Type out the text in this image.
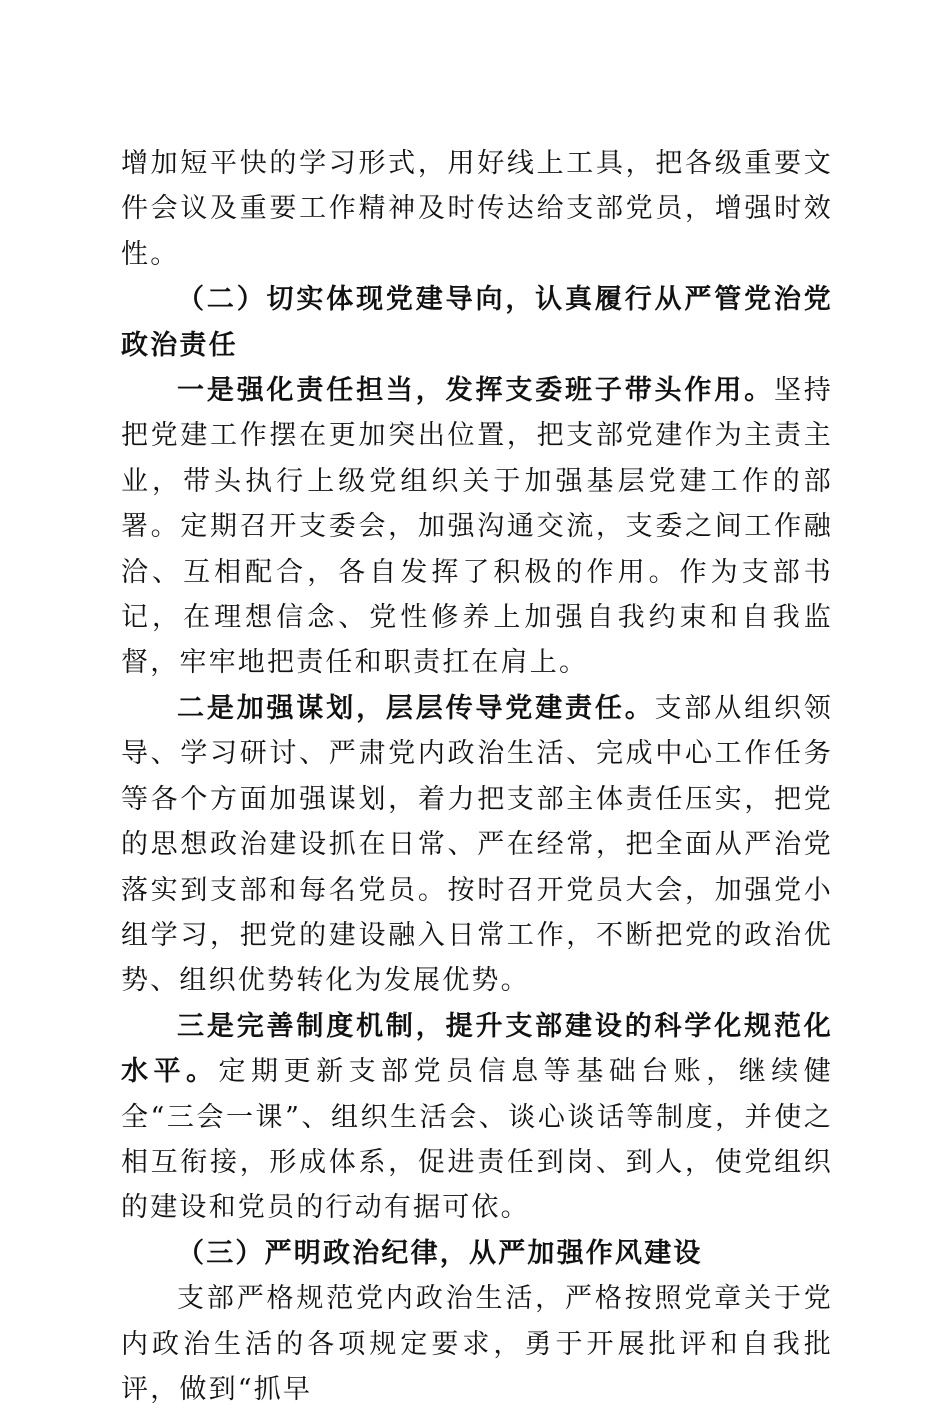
增加短平快的学习形式，用好线上工具，把各级重要文件会议及重要工作精神及时传达给支部党员，增强时效性。

（二）切实体现党建导向，认真履行从严管党治党政治责任

一是强化责任担当，发挥支委班子带头作用。坚持把党建工作摆在更加突出位置，把支部党建作为主责主业，带头执行上级党组织关于加强基层党建工作的部署。定期召开支委会，加强沟通交流，支委之间工作融洽、互相配合，各自发挥了积极的作用。作为支部书记，在理想信念、党性修养上加强自我约束和自我监督，牢牢地把责任和职责扛在肩上。

二是加强谋划，层层传导党建责任。支部从组织领导、学习研讨、严肃党内政治生活、完成中心工作任务等各个方面加强谋划，着力把支部主体责任压实，把党的思想政治建设抓在日常、严在经常，把全面从严治党落实到支部和每名党员。按时召开党员大会，加强党小组学习，把党的建设融入日常工作，不断把党的政治优势、组织优势转化为发展优势。

三是完善制度机制，提升支部建设的科学化规范化水平。定期更新支部党员信息等基础台账，继续健全“三会一课”、组织生活会、谈心谈话等制度，并使之相互衔接，形成体系，促进责任到岗、到人，使党组织的建设和党员的行动有据可依。

（三）严明政治纪律，从严加强作风建设

支部严格规范党内政治生活，严格按照党章关于党内政治生活的各项规定要求，勇于开展批评和自我批评，做到“抓早
